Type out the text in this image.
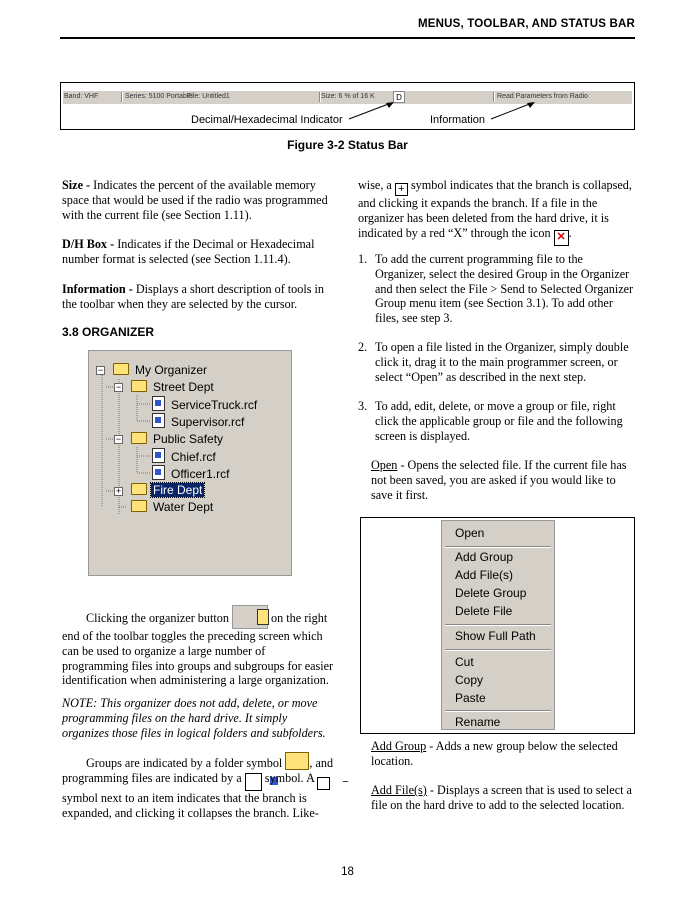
MENUS, TOOLBAR, AND STATUS BAR
Band: VHF	Series: 5100 Portable
File: Untitled1	Size: 6 % of 16 K	D	Read Parameters from Radio
Decimal/Hexadecimal Indicator	Information
Figure 3-2 Status Bar
Size - Indicates the percent of the available memory space that would be used if the radio was programmed with the current file (see Section 1.11).
D/H Box - Indicates if the Decimal or Hexadecimal number format is selected (see Section 1.11.4).
Information - Displays a short description of tools in the toolbar when they are selected by the cursor.
3.8 ORGANIZER
−	My Organizer
−	Street Dept
ServiceTruck.rcf
Supervisor.rcf
−	Public Safety
Chief.rcf
Officer1.rcf
+	Fire Dept
Water Dept
Clicking the organizer button	on the right end of the toolbar toggles the preceding screen which can be used to organize a large number of programming files into groups and subgroups for easier identification when administering a large organization.
NOTE: This organizer does not add, delete, or move programming files on the hard drive. It simply organizes those files in logical folders and subfolders.
Groups are indicated by a folder symbol , and programming files are indicated by a symbol. A	− symbol next to an item indicates that the branch is expanded, and clicking it collapses the branch. Like-
wise, a + symbol indicates that the branch is collapsed, and clicking it expands the branch. If a file in the organizer has been deleted from the hard drive, it is indicated by a red “X” through the icon ✕ .
1. To add the current programming file to the Organizer, select the desired Group in the Organizer and then select the File > Send to Selected Organizer Group menu item (see Section 3.1). To add other files, see step 3.
2. To open a file listed in the Organizer, simply double click it, drag it to the main programmer screen, or select “Open” as described in the next step.
3. To add, edit, delete, or move a group or file, right click the applicable group or file and the following screen is displayed.
Open - Opens the selected file. If the current file has not been saved, you are asked if you would like to save it first.
Open
Add Group
Add File(s)
Delete Group
Delete File
Show Full Path
Cut
Copy
Paste
Rename
Add Group - Adds a new group below the selected location.
Add File(s) - Displays a screen that is used to select a file on the hard drive to add to the selected location.
18
